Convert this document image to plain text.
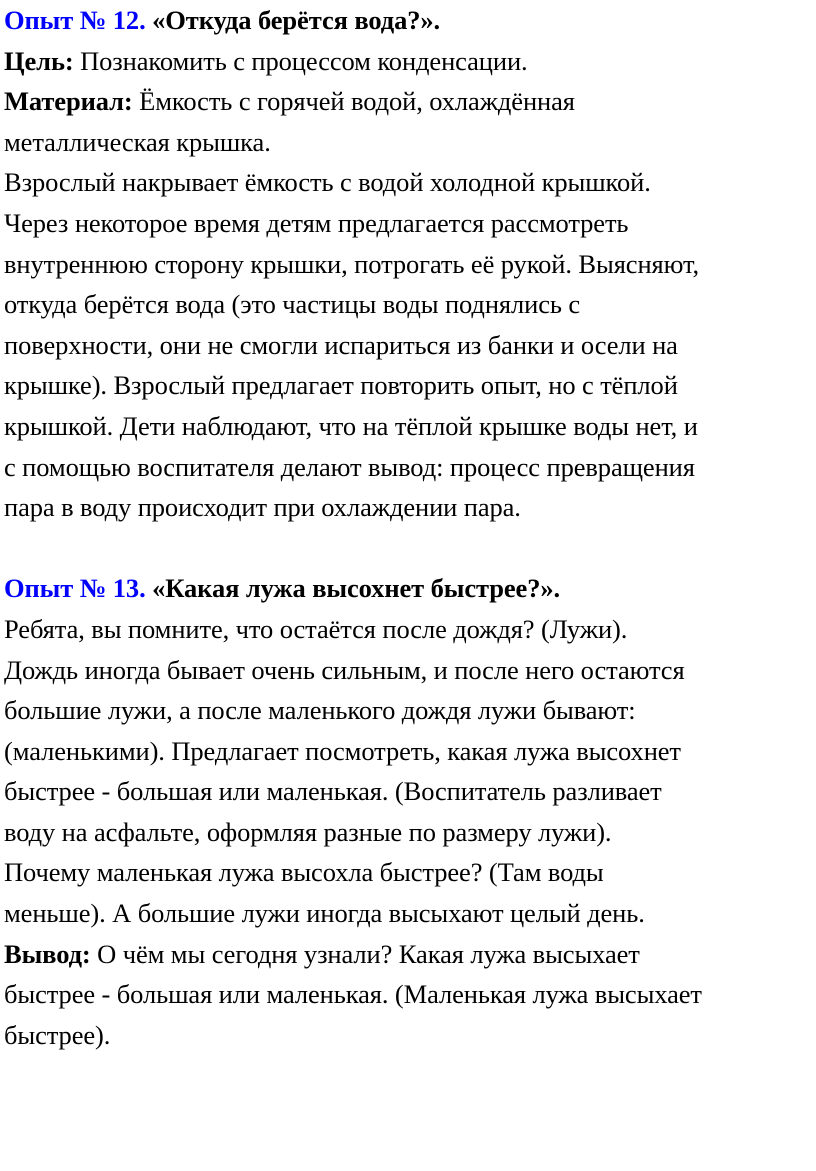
Опыт № 12. «Откуда берётся вода?».
Цель: Познакомить с процессом конденсации.
Материал: Ёмкость с горячей водой, охлаждённая
металлическая крышка.
Взрослый накрывает ёмкость с водой холодной крышкой.
Через некоторое время детям предлагается рассмотреть
внутреннюю сторону крышки, потрогать её рукой. Выясняют,
откуда берётся вода (это частицы воды поднялись с
поверхности, они не смогли испариться из банки и осели на
крышке). Взрослый предлагает повторить опыт, но с тёплой
крышкой. Дети наблюдают, что на тёплой крышке воды нет, и
с помощью воспитателя делают вывод: процесс превращения
пара в воду происходит при охлаждении пара.
Опыт № 13. «Какая лужа высохнет быстрее?».
Ребята, вы помните, что остаётся после дождя? (Лужи).
Дождь иногда бывает очень сильным, и после него остаются
большие лужи, а после маленького дождя лужи бывают:
(маленькими). Предлагает посмотреть, какая лужа высохнет
быстрее - большая или маленькая. (Воспитатель разливает
воду на асфальте, оформляя разные по размеру лужи).
Почему маленькая лужа высохла быстрее? (Там воды
меньше). А большие лужи иногда высыхают целый день.
Вывод: О чём мы сегодня узнали? Какая лужа высыхает
быстрее - большая или маленькая. (Маленькая лужа высыхает
быстрее).
